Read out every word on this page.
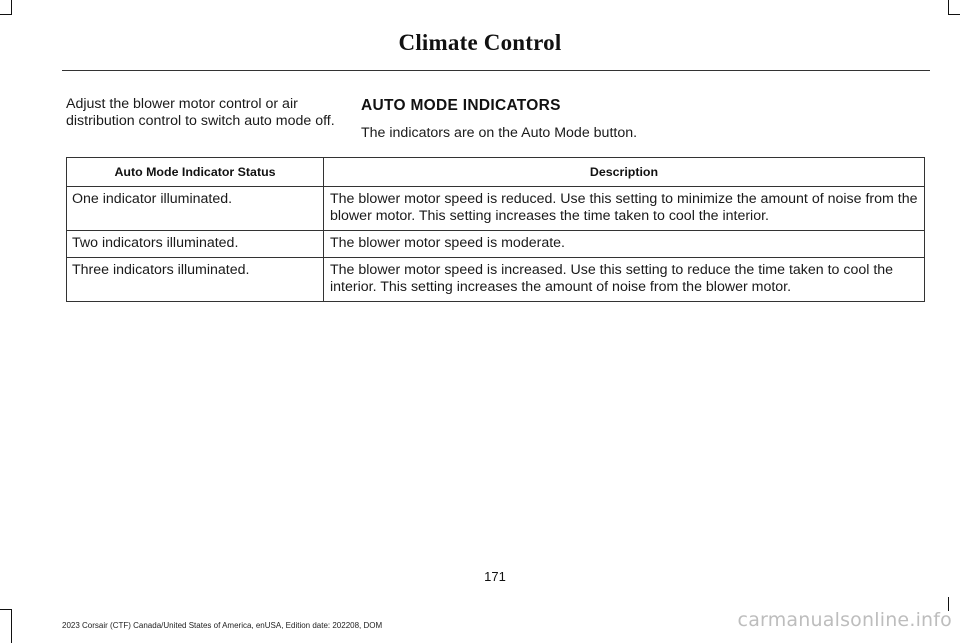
Climate Control
Adjust the blower motor control or air distribution control to switch auto mode off.
AUTO MODE INDICATORS
The indicators are on the Auto Mode button.
Auto Mode Indicator Status	Description
One indicator illuminated.	The blower motor speed is reduced. Use this setting to minimize the amount of noise from the blower motor. This setting increases the time taken to cool the interior.
Two indicators illuminated.	The blower motor speed is moderate.
Three indicators illuminated.	The blower motor speed is increased. Use this setting to reduce the time taken to cool the interior. This setting increases the amount of noise from the blower motor.
171
2023 Corsair (CTF) Canada/United States of America, enUSA, Edition date: 202208, DOM	carmanualsonline.info
